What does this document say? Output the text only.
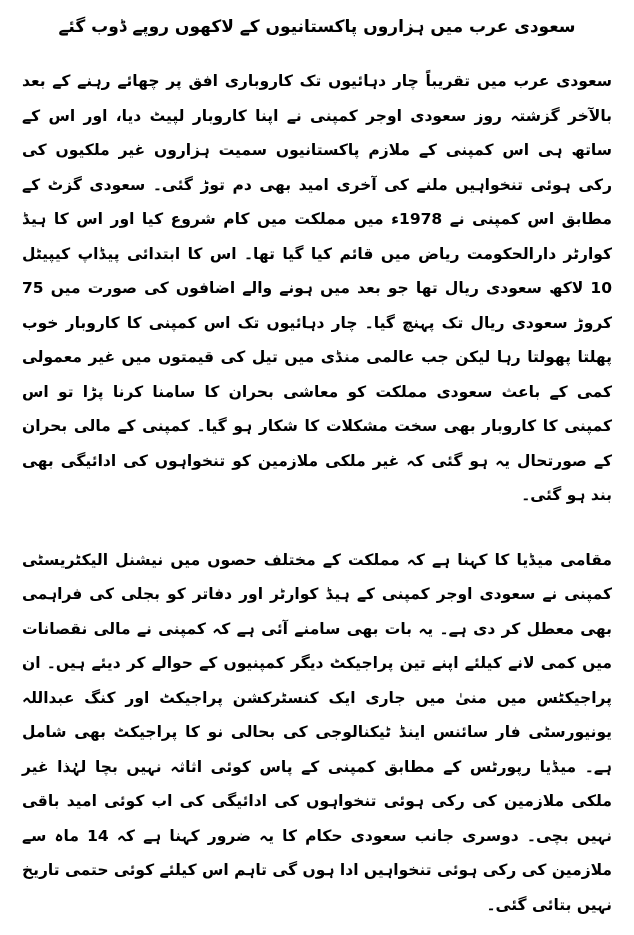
سعودی عرب میں ہزاروں پاکستانیوں کے لاکھوں روپے ڈوب گئے

سعودی عرب میں تقریباً چار دہائیوں تک کاروباری افق پر چھائے رہنے کے بعد بالآخر گزشتہ روز سعودی اوجر کمپنی نے اپنا کاروبار لپیٹ دیا، اور اس کے ساتھ ہی اس کمپنی کے ملازم پاکستانیوں سمیت ہزاروں غیر ملکیوں کی رکی ہوئی تنخواہیں ملنے کی آخری امید بھی دم توڑ گئی۔ سعودی گزٹ کے مطابق اس کمپنی نے 1978ء میں مملکت میں کام شروع کیا اور اس کا ہیڈ کوارٹر دارالحکومت ریاض میں قائم کیا گیا تھا۔ اس کا ابتدائی پیڈاپ کیپیٹل 10 لاکھ سعودی ریال تھا جو بعد میں ہونے والے اضافوں کی صورت میں 75 کروڑ سعودی ریال تک پہنچ گیا۔ چار دہائیوں تک اس کمپنی کا کاروبار خوب پھلتا پھولتا رہا لیکن جب عالمی منڈی میں تیل کی قیمتوں میں غیر معمولی کمی کے باعث سعودی مملکت کو معاشی بحران کا سامنا کرنا پڑا تو اس کمپنی کا کاروبار بھی سخت مشکلات کا شکار ہو گیا۔ کمپنی کے مالی بحران کے صورتحال یہ ہو گئی کہ غیر ملکی ملازمین کو تنخواہوں کی ادائیگی بھی بند ہو گئی۔

مقامی میڈیا کا کہنا ہے کہ مملکت کے مختلف حصوں میں نیشنل الیکٹریسٹی کمپنی نے سعودی اوجر کمپنی کے ہیڈ کوارٹر اور دفاتر کو بجلی کی فراہمی بھی معطل کر دی ہے۔ یہ بات بھی سامنے آئی ہے کہ کمپنی نے مالی نقصانات میں کمی لانے کیلئے اپنے تین پراجیکٹ دیگر کمپنیوں کے حوالے کر دیئے ہیں۔ ان پراجیکٹس میں منیٰ میں جاری ایک کنسٹرکشن پراجیکٹ اور کنگ عبداللہ یونیورسٹی فار سائنس اینڈ ٹیکنالوجی کی بحالی نو کا پراجیکٹ بھی شامل ہے۔ میڈیا رپورٹس کے مطابق کمپنی کے پاس کوئی اثاثہ نہیں بچا لہٰذا غیر ملکی ملازمین کی رکی ہوئی تنخواہوں کی ادائیگی کی اب کوئی امید باقی نہیں بچی۔ دوسری جانب سعودی حکام کا یہ ضرور کہنا ہے کہ 14 ماہ سے ملازمین کی رکی ہوئی تنخواہیں ادا ہوں گی تاہم اس کیلئے کوئی حتمی تاریخ نہیں بتائی گئی۔
